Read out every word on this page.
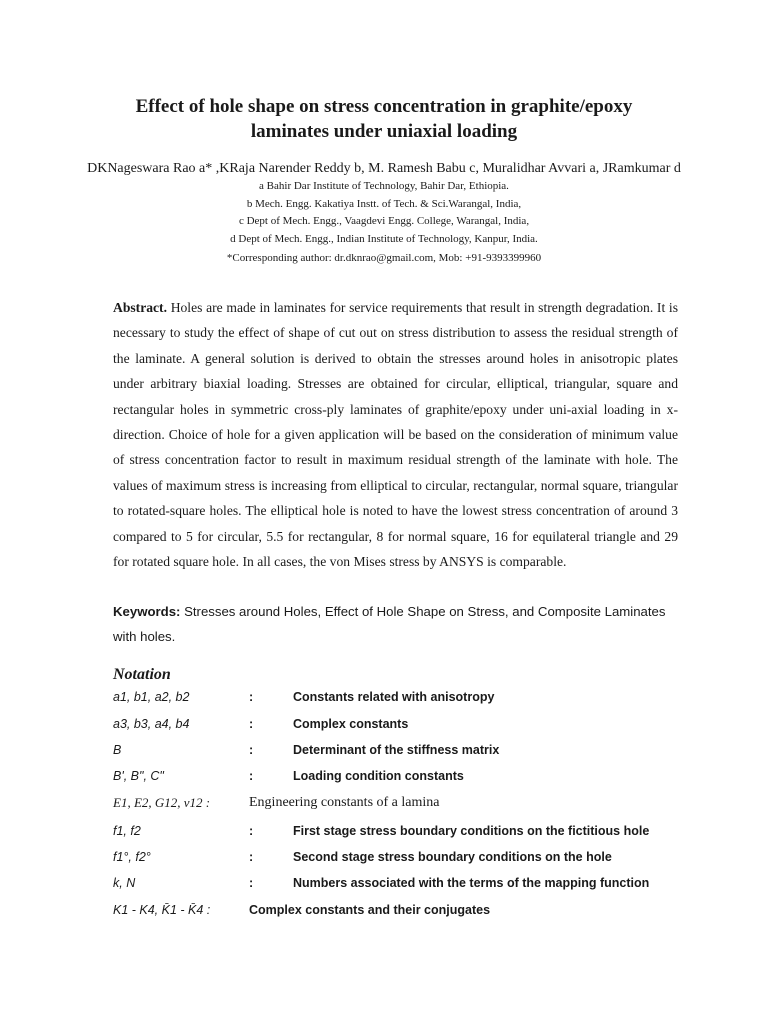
Effect of hole shape on stress concentration in graphite/epoxy
laminates under uniaxial loading
DKNageswara Rao a* ,KRaja Narender Reddy b, M. Ramesh Babu c, Muralidhar Avvari a, JRamkumar d
a Bahir Dar Institute of Technology, Bahir Dar, Ethiopia.
b Mech. Engg. Kakatiya Instt. of Tech. & Sci.Warangal, India,
c Dept of Mech. Engg., Vaagdevi Engg. College, Warangal, India,
d Dept of Mech. Engg., Indian Institute of Technology, Kanpur, India.
*Corresponding author: dr.dknrao@gmail.com, Mob: +91-9393399960
Abstract. Holes are made in laminates for service requirements that result in strength degradation. It is necessary to study the effect of shape of cut out on stress distribution to assess the residual strength of the laminate. A general solution is derived to obtain the stresses around holes in anisotropic plates under arbitrary biaxial loading. Stresses are obtained for circular, elliptical, triangular, square and rectangular holes in symmetric cross-ply laminates of graphite/epoxy under uni-axial loading in x-direction. Choice of hole for a given application will be based on the consideration of minimum value of stress concentration factor to result in maximum residual strength of the laminate with hole. The values of maximum stress is increasing from elliptical to circular, rectangular, normal square, triangular to rotated-square holes. The elliptical hole is noted to have the lowest stress concentration of around 3 compared to 5 for circular, 5.5 for rectangular, 8 for normal square, 16 for equilateral triangle and 29 for rotated square hole. In all cases, the von Mises stress by ANSYS is comparable.
Keywords: Stresses around Holes, Effect of Hole Shape on Stress, and Composite Laminates with holes.
Notation
a1, b1, a2, b2	:	Constants related with anisotropy
a3, b3, a4, b4	:	Complex constants
B	:	Determinant of the stiffness matrix
B', B", C"	:	Loading condition constants
E1, E2, G12, ν12 :	Engineering constants of a lamina
f1, f2	:	First stage stress boundary conditions on the fictitious hole
f1°, f2°	:	Second stage stress boundary conditions on the hole
k, N	:	Numbers associated with the terms of the mapping function
K1 - K4, K̄1 - K̄4 :	Complex constants and their conjugates
